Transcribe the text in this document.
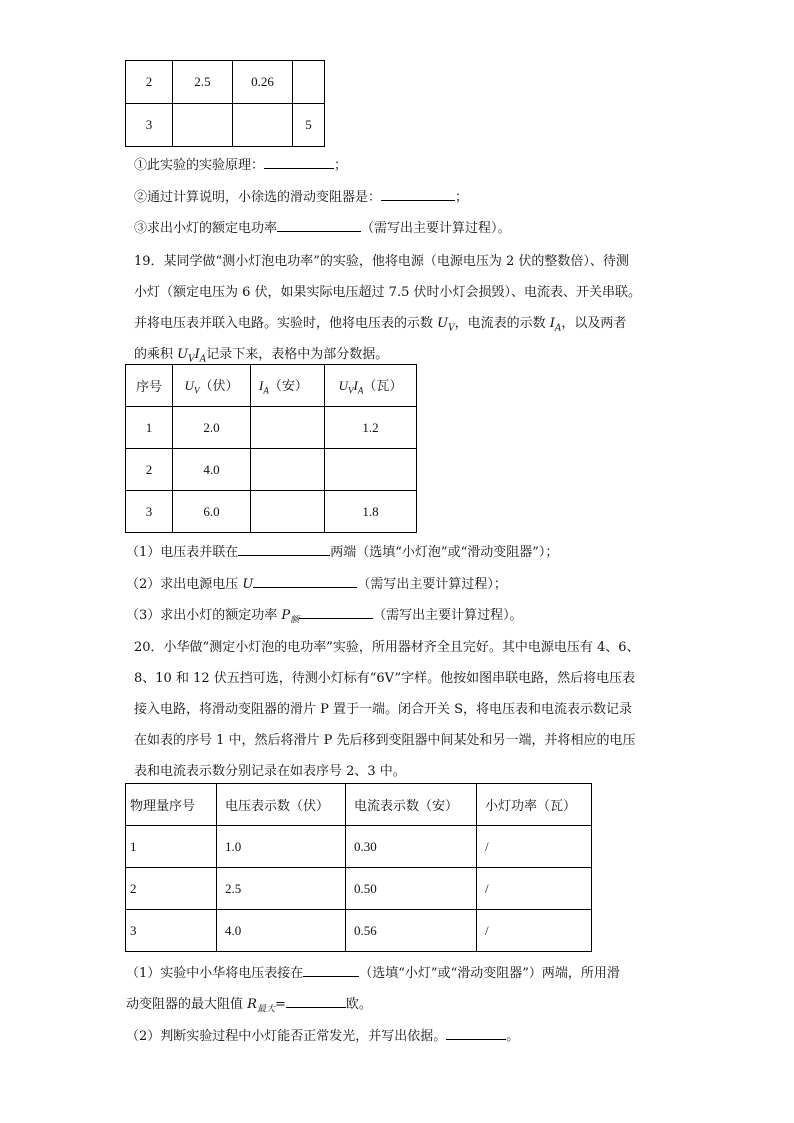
2	2.5	0.26	
3			5
①此实验的实验原理：	；
②通过计算说明，小徐选的滑动变阻器是：	；
③求出小灯的额定电功率	（需写出主要计算过程）。
19．某同学做“测小灯泡电功率”的实验，他将电源（电源电压为 2 伏的整数倍）、待测
小灯（额定电压为 6 伏，如果实际电压超过 7.5 伏时小灯会损毁）、电流表、开关串联。
并将电压表并联入电路。实验时，他将电压表的示数 $U_V$，电流表的示数 $I_A$，以及两者
的乘积 $U_VI_A$记录下来，表格中为部分数据。
序号	$U_V$（伏）	$I_A$（安）	$U_VI_A$（瓦）
1	2.0		1.2
2	4.0		
3	6.0		1.8
（1）电压表并联在	两端（选填“小灯泡”或“滑动变阻器”）；
（2）求出电源电压 U	（需写出主要计算过程）；
（3）求出小灯的额定功率 $P_额$	（需写出主要计算过程）。
20．小华做“测定小灯泡的电功率”实验，所用器材齐全且完好。其中电源电压有 4、6、
8、10 和 12 伏五挡可选，待测小灯标有“6V”字样。他按如图串联电路，然后将电压表
接入电路，将滑动变阻器的滑片 P 置于一端。闭合开关 S，将电压表和电流表示数记录
在如表的序号 1 中，然后将滑片 P 先后移到变阻器中间某处和另一端，并将相应的电压
表和电流表示数分别记录在如表序号 2、3 中。
物理量序号	电压表示数（伏）	电流表示数（安）	小灯功率（瓦）
1	1.0	0.30	/
2	2.5	0.50	/
3	4.0	0.56	/
（1）实验中小华将电压表接在	（选填“小灯”或“滑动变阻器”）两端，所用滑
动变阻器的最大阻值 $R_{最大}=$	欧。
（2）判断实验过程中小灯能否正常发光，并写出依据。	。
